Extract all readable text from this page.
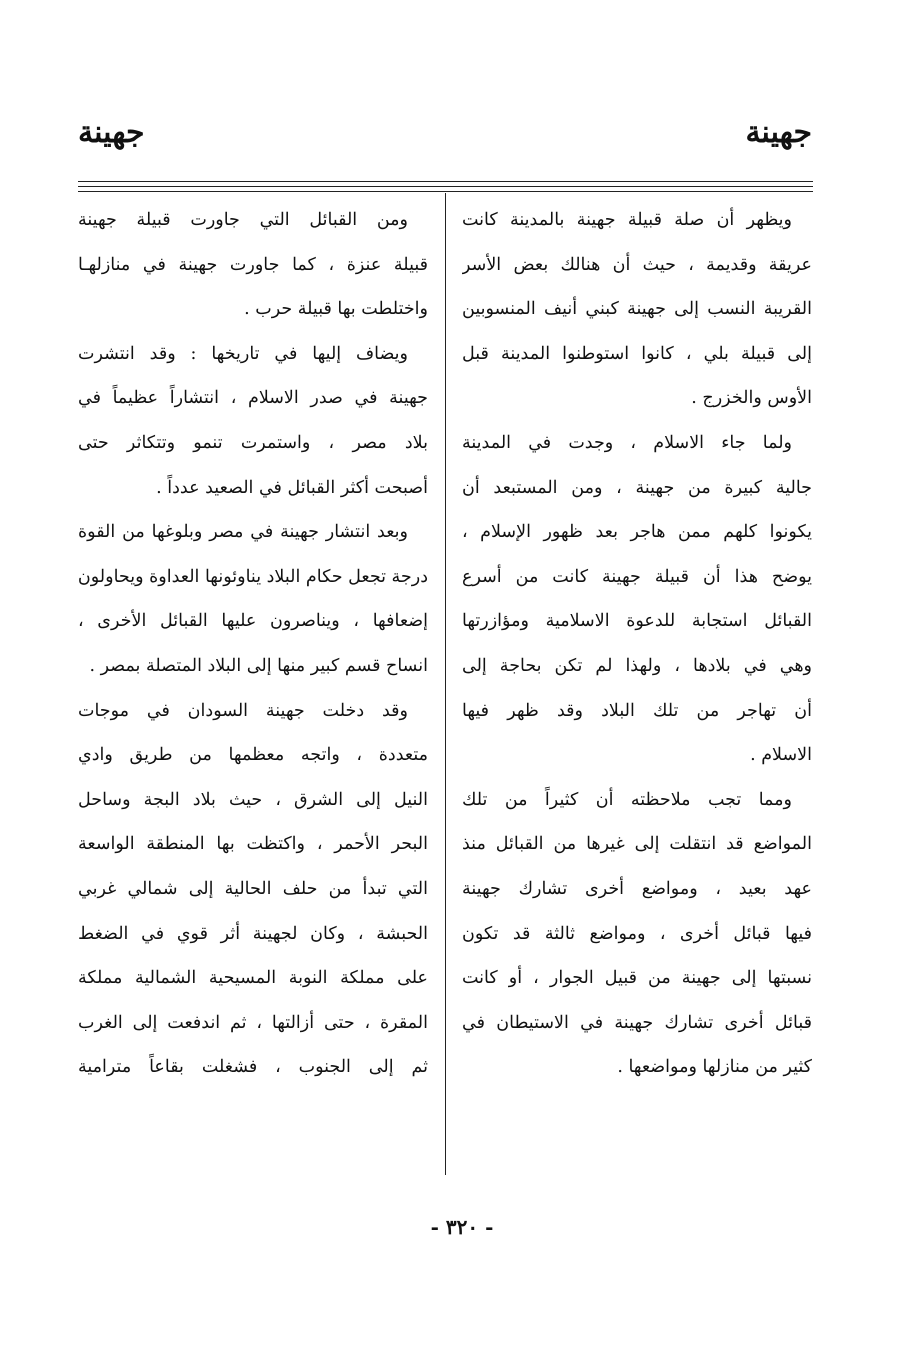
جهينة
جهينة
ويظهر أن صلة قبيلة جهينة بالمدينة كانت
عريقة وقديمة ، حيث أن هنالك بعض الأسر
القريبة النسب إلى جهينة كبني أنيف المنسوبين
إلى قبيلة بلي ، كانوا استوطنوا المدينة قبل
الأوس والخزرج .
ولما جاء الاسلام ، وجدت في المدينة
جالية كبيرة من جهينة ، ومن المستبعد أن
يكونوا كلهم ممن هاجر بعد ظهور الإسلام ،
يوضح هذا أن قبيلة جهينة كانت من أسرع
القبائل استجابة للدعوة الاسلامية ومؤازرتها
وهي في بلادها ، ولهذا لم تكن بحاجة إلى
أن تهاجر من تلك البلاد وقد ظهر فيها
الاسلام .
ومما تجب ملاحظته أن كثيراً من تلك
المواضع قد انتقلت إلى غيرها من القبائل منذ
عهد بعيد ، ومواضع أخرى تشارك جهينة
فيها قبائل أخرى ، ومواضع ثالثة قد تكون
نسبتها إلى جهينة من قبيل الجوار ، أو كانت
قبائل أخرى تشارك جهينة في الاستيطان في
كثير من منازلها ومواضعها .
ومن القبائل التي جاورت قبيلة جهينة
قبيلة عنزة ، كما جاورت جهينة في منازلهـا
واختلطت بها قبيلة حرب .
ويضاف إليها في تاريخها : وقد انتشرت
جهينة في صدر الاسلام ، انتشاراً عظيماً في
بلاد مصر ، واستمرت تنمو وتتكاثر حتى
أصبحت أكثر القبائل في الصعيد عدداً .
وبعد انتشار جهينة في مصر وبلوغها من القوة
درجة تجعل حكام البلاد يناوئونها العداوة ويحاولون
إضعافها ، ويناصرون عليها القبائل الأخرى ،
انساح قسم كبير منها إلى البلاد المتصلة بمصر .
وقد دخلت جهينة السودان في موجات
متعددة ، واتجه معظمها من طريق وادي
النيل إلى الشرق ، حيث بلاد البجة وساحل
البحر الأحمر ، واكتظت بها المنطقة الواسعة
التي تبدأ من حلف الحالية إلى شمالي غربي
الحبشة ، وكان لجهينة أثر قوي في الضغط
على مملكة النوبة المسيحية الشمالية مملكة
المقرة ، حتى أزالتها ، ثم اندفعت إلى الغرب
ثم إلى الجنوب ، فشغلت بقاعاً مترامية
- ٣٢٠ -
